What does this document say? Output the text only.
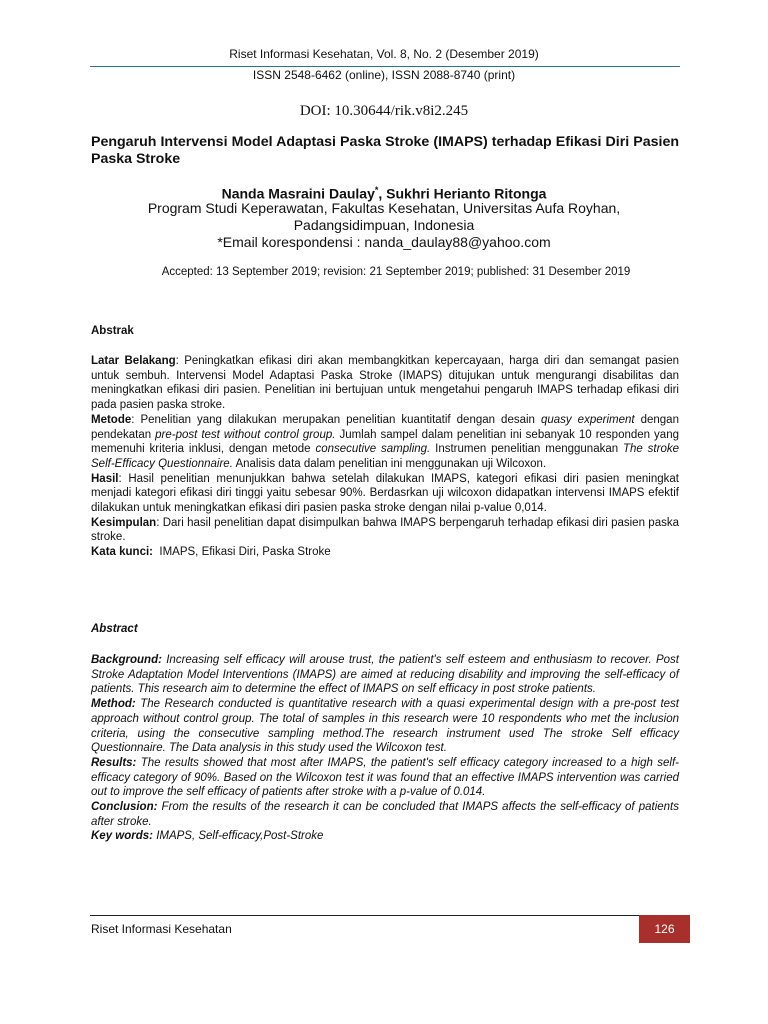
Riset Informasi Kesehatan, Vol. 8, No. 2 (Desember 2019)
ISSN 2548-6462 (online), ISSN 2088-8740 (print)
DOI: 10.30644/rik.v8i2.245
Pengaruh Intervensi Model Adaptasi Paska Stroke (IMAPS) terhadap Efikasi Diri Pasien Paska Stroke
Nanda Masraini Daulay*, Sukhri Herianto Ritonga
Program Studi Keperawatan, Fakultas Kesehatan, Universitas Aufa Royhan,
Padangsidimpuan, Indonesia
*Email korespondensi : nanda_daulay88@yahoo.com
Accepted: 13 September 2019; revision: 21 September 2019; published: 31 Desember 2019
Abstrak

Latar Belakang: Peningkatkan efikasi diri akan membangkitkan kepercayaan, harga diri dan semangat pasien untuk sembuh. Intervensi Model Adaptasi Paska Stroke (IMAPS) ditujukan untuk mengurangi disabilitas dan meningkatkan efikasi diri pasien. Penelitian ini bertujuan untuk mengetahui pengaruh IMAPS terhadap efikasi diri pada pasien paska stroke.

Metode: Penelitian yang dilakukan merupakan penelitian kuantitatif dengan desain quasy experiment dengan pendekatan pre-post test without control group. Jumlah sampel dalam penelitian ini sebanyak 10 responden yang memenuhi kriteria inklusi, dengan metode consecutive sampling. Instrumen penelitian menggunakan The stroke Self-Efficacy Questionnaire. Analisis data dalam penelitian ini menggunakan uji Wilcoxon.

Hasil: Hasil penelitian menunjukkan bahwa setelah dilakukan IMAPS, kategori efikasi diri pasien meningkat menjadi kategori efikasi diri tinggi yaitu sebesar 90%. Berdasrkan uji wilcoxon didapatkan intervensi IMAPS efektif dilakukan untuk meningkatkan efikasi diri pasien paska stroke dengan nilai p-value 0,014.

Kesimpulan: Dari hasil penelitian dapat disimpulkan bahwa IMAPS berpengaruh terhadap efikasi diri pasien paska stroke.

Kata kunci:  IMAPS, Efikasi Diri, Paska Stroke

Abstract

Background: Increasing self efficacy will arouse trust, the patient's self esteem and enthusiasm to recover. Post Stroke Adaptation Model Interventions (IMAPS) are aimed at reducing disability and improving the self-efficacy of patients. This research aim to determine the effect of IMAPS on self efficacy in post stroke patients.

Method: The Research conducted is quantitative research with a quasi experimental design with a pre-post test approach without control group. The total of samples in this research were 10 respondents who met the inclusion criteria, using the consecutive sampling method.The research instrument used The stroke Self efficacy Questionnaire. The Data analysis in this study used the Wilcoxon test.

Results: The results showed that most after IMAPS, the patient's self efficacy category increased to a high self-efficacy category of 90%. Based on the Wilcoxon test it was found that an effective IMAPS intervention was carried out to improve the self efficacy of patients after stroke with a p-value of 0.014.

Conclusion: From the results of the research it can be concluded that IMAPS affects the self-efficacy of patients after stroke.

Key words: IMAPS, Self-efficacy,Post-Stroke

Riset Informasi Kesehatan	126
